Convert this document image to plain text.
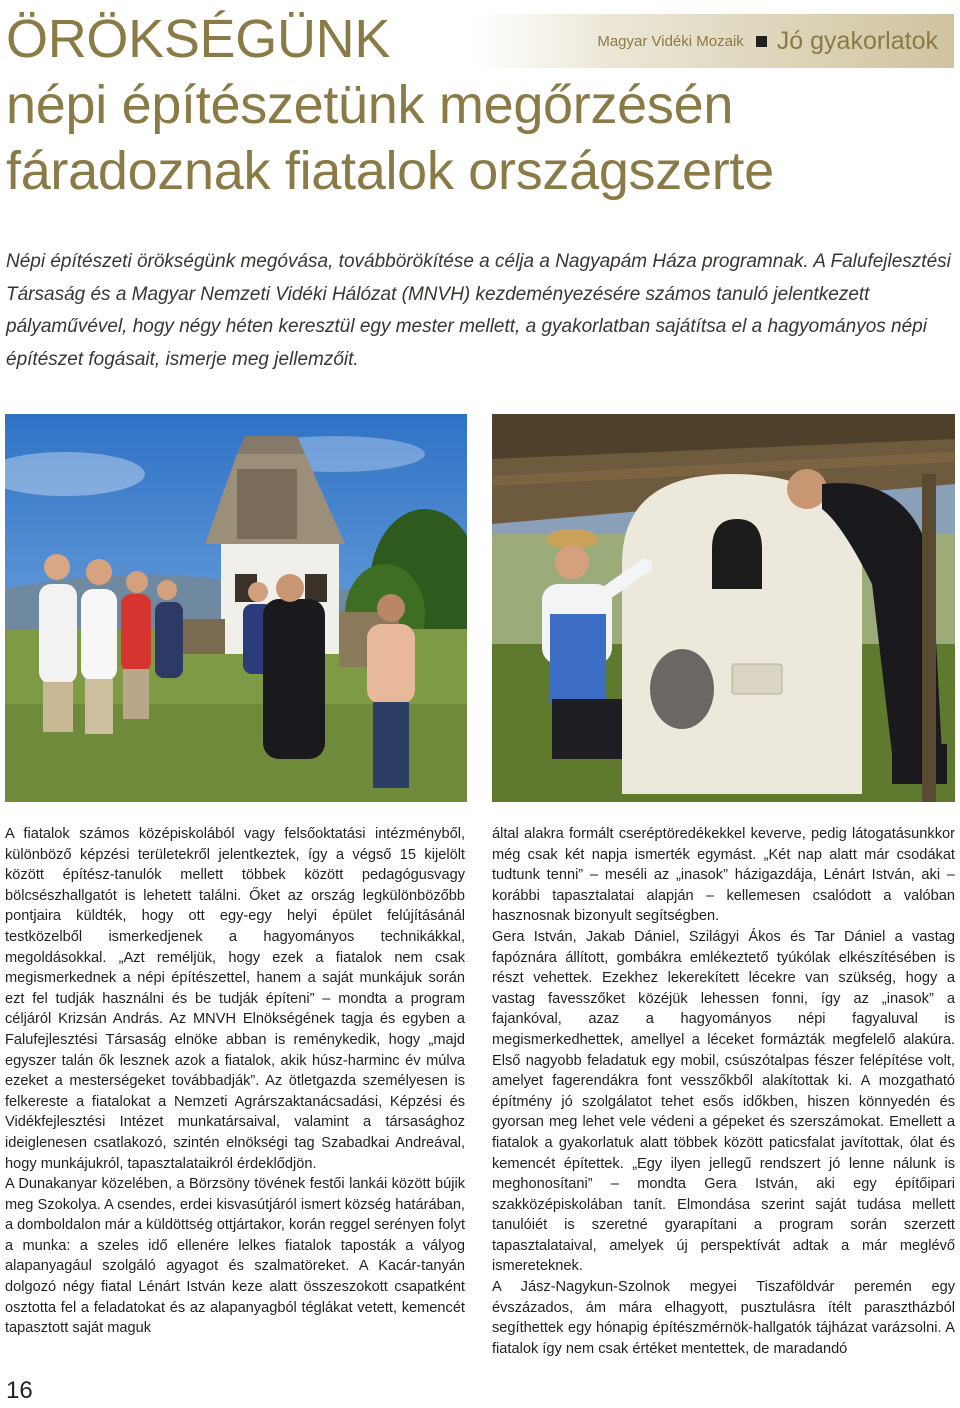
ÖRÖKSÉGÜNK
népi építészetünk megőrzésén
fáradoznak fiatalok országszerte
Magyar Vidéki Mozaik Jó gyakorlatok

Népi építészeti örökségünk megóvása, továbbörökítése a célja a Nagyapám Háza programnak. A Falufejlesztési Társaság és a Magyar Nemzeti Vidéki Hálózat (MNVH) kezdeményezésére számos tanuló jelentkezett pályaművével, hogy négy héten keresztül egy mester mellett, a gyakorlatban sajátítsa el a hagyományos népi építészet fogásait, ismerje meg jellemzőit.

A fiatalok számos középiskolából vagy felsőoktatási intézményből, különböző képzési területekről jelentkeztek, így a végső 15 kijelölt között építész-tanulók mellett többek között pedagógusvagy bölcsészhallgatót is lehetett találni. Őket az ország legkülönbözőbb pontjaira küldték, hogy ott egy-egy helyi épület felújításánál testközelből ismerkedjenek a hagyományos technikákkal, megoldásokkal. „Azt reméljük, hogy ezek a fiatalok nem csak megismerkednek a népi építészettel, hanem a saját munkájuk során ezt fel tudják használni és be tudják építeni” – mondta a program céljáról Krizsán András. Az MNVH Elnökségének tagja és egyben a Falufejlesztési Társaság elnöke abban is reménykedik, hogy „majd egyszer talán ők lesznek azok a fiatalok, akik húsz-harminc év múlva ezeket a mesterségeket továbbadják”. Az ötletgazda személyesen is felkereste a fiatalokat a Nemzeti Agrárszaktanácsadási, Képzési és Vidékfejlesztési Intézet munkatársaival, valamint a társasághoz ideiglenesen csatlakozó, szintén elnökségi tag Szabadkai Andreával, hogy munkájukról, tapasztalataikról érdeklődjön.

A Dunakanyar közelében, a Börzsöny tövének festői lankái között bújik meg Szokolya. A csendes, erdei kisvasútjáról ismert község határában, a domboldalon már a küldöttség ottjártakor, korán reggel serényen folyt a munka: a szeles idő ellenére lelkes fiatalok taposták a vályog alapanyagául szolgáló agyagot és szalmatöreket. A Kacár-tanyán dolgozó négy fiatal Lénárt István keze alatt összeszokott csapatként osztotta fel a feladatokat és az alapanyagból téglákat vetett, kemencét tapasztott saját maguk

által alakra formált cseréptöredékekkel keverve, pedig látogatásunkkor még csak két napja ismerték egymást. „Két nap alatt már csodákat tudtunk tenni” – meséli az „inasok” házigazdája, Lénárt István, aki – korábbi tapasztalatai alapján – kellemesen csalódott a valóban hasznosnak bizonyult segítségben.

Gera István, Jakab Dániel, Szilágyi Ákos és Tar Dániel a vastag fapóznára állított, gombákra emlékeztető tyúkólak elkészítésében is részt vehettek. Ezekhez lekerekített lécekre van szükség, hogy a vastag favesszőket közéjük lehessen fonni, így az „inasok” a fajankóval, azaz a hagyományos népi fagyaluval is megismerkedhettek, amellyel a léceket formázták megfelelő alakúra. Első nagyobb feladatuk egy mobil, csúszótalpas fészer felépítése volt, amelyet fagerendákra font vesszőkből alakítottak ki. A mozgatható építmény jó szolgálatot tehet esős időkben, hiszen könnyedén és gyorsan meg lehet vele védeni a gépeket és szerszámokat. Emellett a fiatalok a gyakorlatuk alatt többek között paticsfalat javítottak, ólat és kemencét építettek. „Egy ilyen jellegű rendszert jó lenne nálunk is meghonosítani” – mondta Gera István, aki egy építőipari szakközépiskolában tanít. Elmondása szerint saját tudása mellett tanulóiét is szeretné gyarapítani a program során szerzett tapasztalataival, amelyek új perspektívát adtak a már meglévő ismereteknek.

A Jász-Nagykun-Szolnok megyei Tiszaföldvár peremén egy évszázados, ám mára elhagyott, pusztulásra ítélt parasztházból segíthettek egy hónapig építészmérnök-hallgatók tájházat varázsolni. A fiatalok így nem csak értéket mentettek, de maradandó

16
